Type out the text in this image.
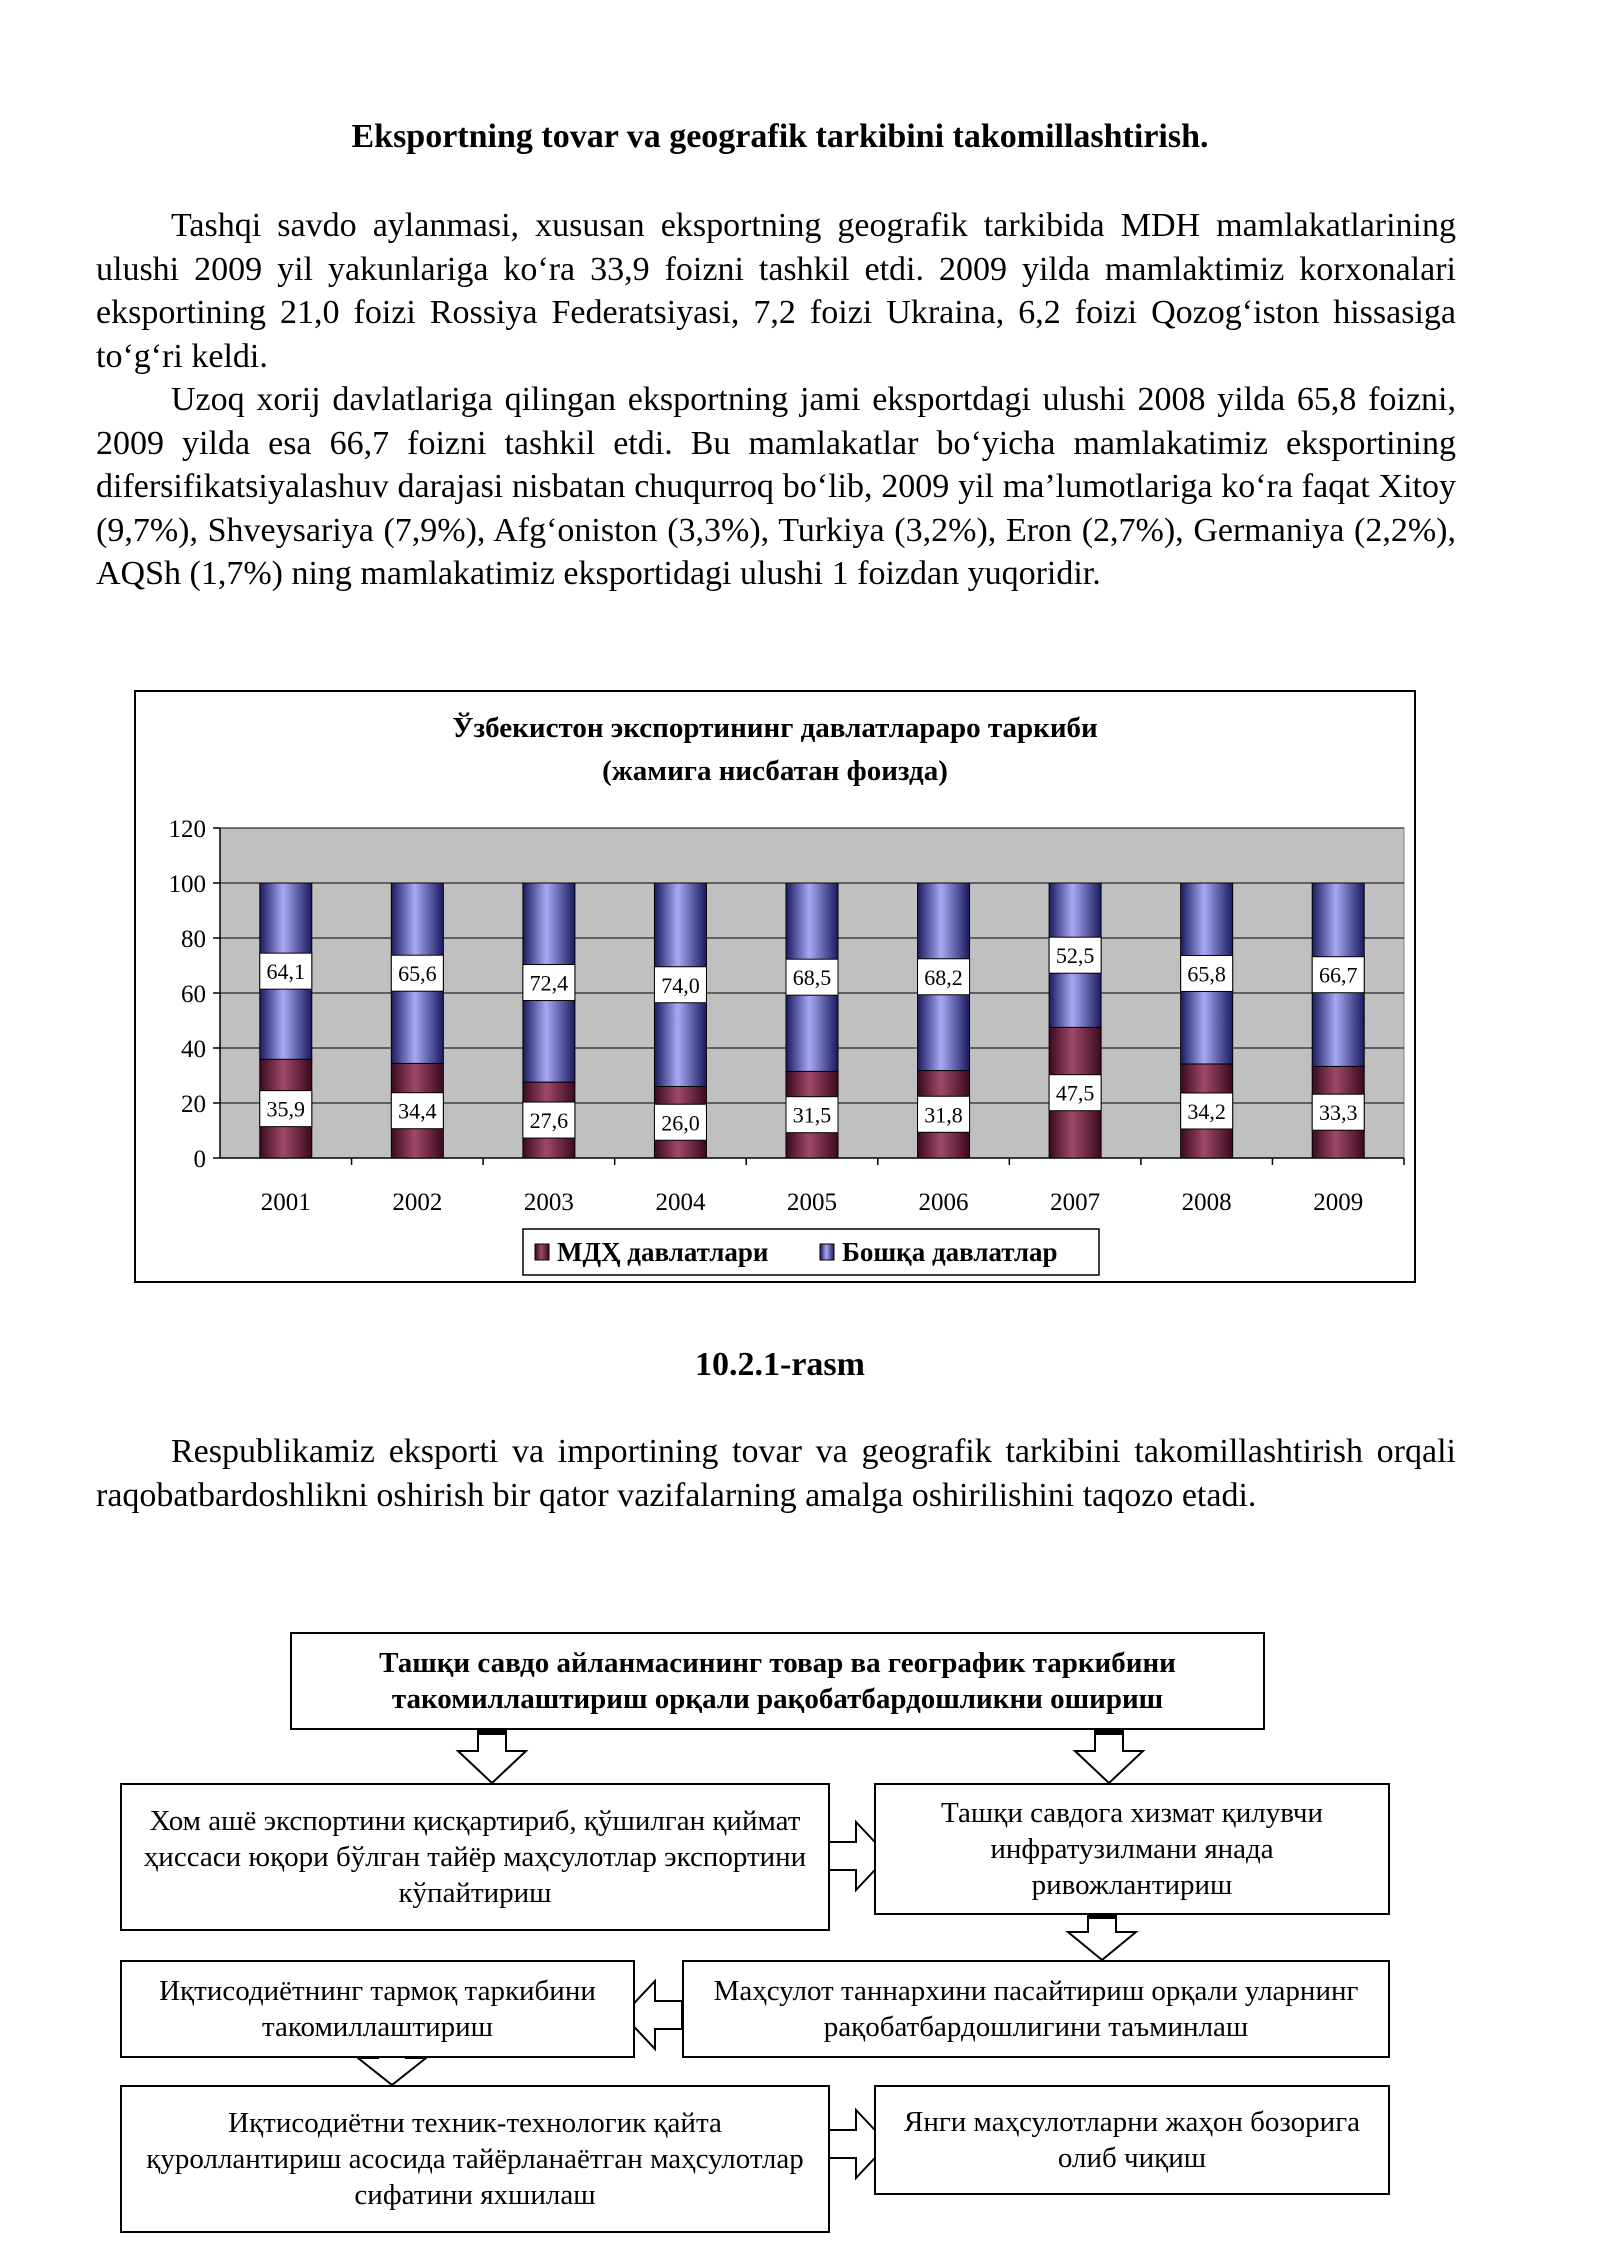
Eksportning tovar va geografik tarkibini takomillashtirish.

Tashqi savdo aylanmasi, xususan eksportning geografik tarkibida MDH mamlakatlarining ulushi 2009 yil yakunlariga ko‘ra 33,9 foizni tashkil etdi. 2009 yilda mamlaktimiz korxonalari eksportining 21,0 foizi Rossiya Federatsiyasi, 7,2 foizi Ukraina, 6,2 foizi Qozog‘iston hissasiga to‘g‘ri keldi.

Uzoq xorij davlatlariga qilingan eksportning jami eksportdagi ulushi 2008 yilda 65,8 foizni, 2009 yilda esa 66,7 foizni tashkil etdi. Bu mamlakatlar bo‘yicha mamlakatimiz eksportining difersifikatsiyalashuv darajasi nisbatan chuqurroq bo‘lib, 2009 yil ma’lumotlariga ko‘ra faqat Xitoy (9,7%), Shveysariya (7,9%), Afg‘oniston (3,3%), Turkiya (3,2%), Eron (2,7%), Germaniya (2,2%), AQSh (1,7%) ning mamlakatimiz eksportidagi ulushi 1 foizdan yuqoridir.

Ўзбекистон экспортининг давлатлараро таркиби
(жамига нисбатан фоизда)
0
20
40
60
80
100
120
35,9
64,1
2001
34,4
65,6
2002
27,6
72,4
2003
26,0
74,0
2004
31,5
68,5
2005
31,8
68,2
2006
47,5
52,5
2007
34,2
65,8
2008
33,3
66,7
2009
МДҲ давлатлари	Бошқа давлатлар
10.2.1-rasm

Respublikamiz eksporti va importining tovar va geografik tarkibini takomillashtirish orqali raqobatbardoshlikni oshirish bir qator vazifalarning amalga oshirilishini taqozo etadi.

Ташқи савдо айланмасининг товар ва географик таркибини такомиллаштириш орқали рақобатбардошликни ошириш
Хом ашё экспортини қисқартириб, қўшилган қиймат ҳиссаси юқори бўлган тайёр маҳсулотлар экспортини кўпайтириш
Ташқи савдога хизмат қилувчи инфратузилмани янада ривожлантириш
Иқтисодиётнинг тармоқ таркибини такомиллаштириш
Маҳсулот таннархини пасайтириш орқали уларнинг рақобатбардошлигини таъминлаш
Иқтисодиётни техник-технологик қайта қуроллантириш асосида тайёрланаётган маҳсулотлар сифатини яхшилаш
Янги маҳсулотларни жаҳон бозорига олиб чиқиш
